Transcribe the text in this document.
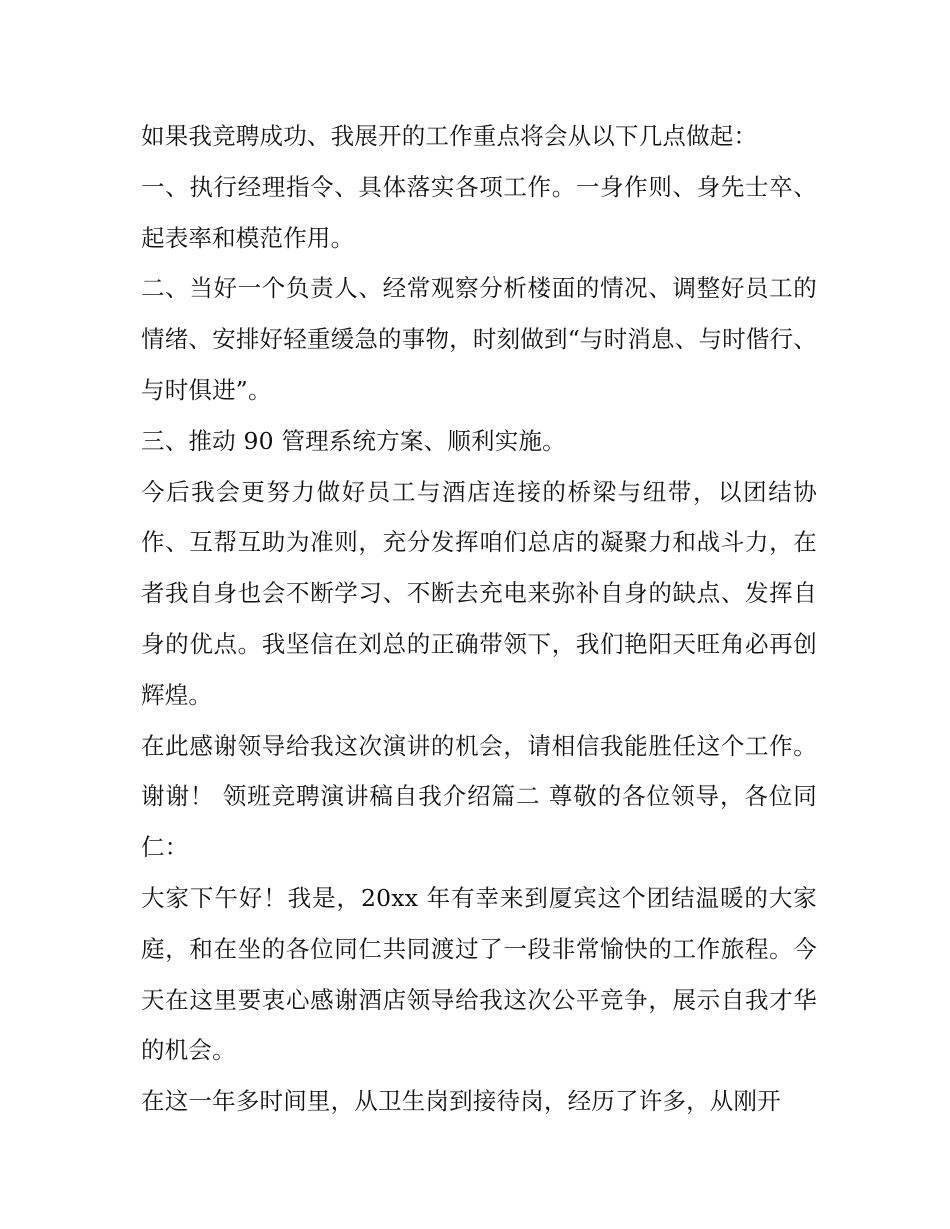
如果我竞聘成功、我展开的工作重点将会从以下几点做起：

一、执行经理指令、具体落实各项工作。一身作则、身先士卒、起表率和模范作用。

二、当好一个负责人、经常观察分析楼面的情况、调整好员工的情绪、安排好轻重缓急的事物，时刻做到“与时消息、与时偕行、与时俱进”。

三、推动 90 管理系统方案、顺利实施。

今后我会更努力做好员工与酒店连接的桥梁与纽带，以团结协作、互帮互助为准则，充分发挥咱们总店的凝聚力和战斗力，在者我自身也会不断学习、不断去充电来弥补自身的缺点、发挥自身的优点。我坚信在刘总的正确带领下，我们艳阳天旺角必再创辉煌。

在此感谢领导给我这次演讲的机会，请相信我能胜任这个工作。 谢谢！ 领班竞聘演讲稿自我介绍篇二 尊敬的各位领导，各位同仁：

大家下午好！我是，20xx 年有幸来到厦宾这个团结温暖的大家庭，和在坐的各位同仁共同渡过了一段非常愉快的工作旅程。今天在这里要衷心感谢酒店领导给我这次公平竞争，展示自我才华的机会。

在这一年多时间里，从卫生岗到接待岗，经历了许多，从刚开
